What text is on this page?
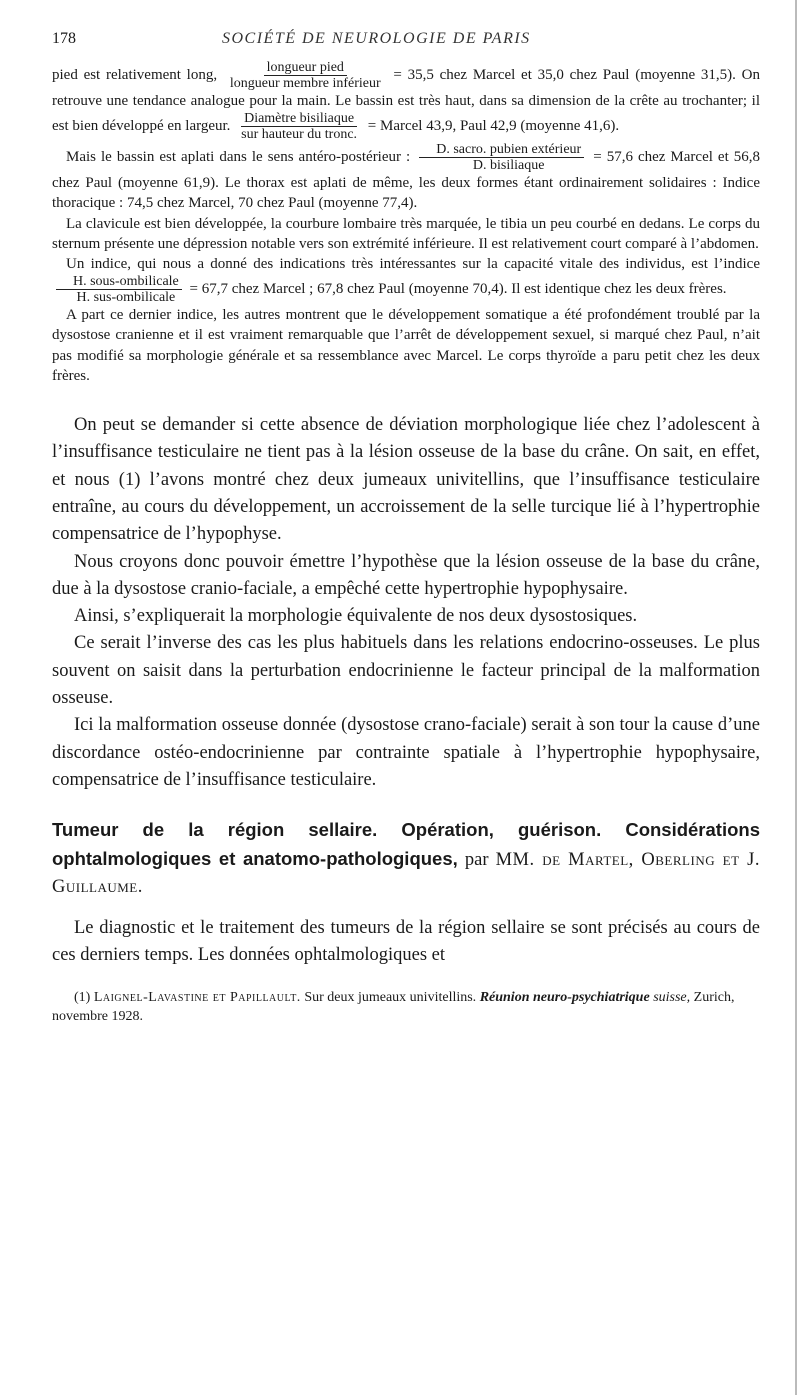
178	SOCIÉTÉ DE NEUROLOGIE DE PARIS

pied est relativement long, $\frac{\text{longueur pied}}{\text{longueur membre inférieur}} = 35,5$ chez Marcel et 35,0 chez Paul (moyenne 31,5). On retrouve une tendance analogue pour la main. Le bassin est très haut, dans sa dimension de la crête au trochanter; il est bien développé en largeur. $\frac{\text{Diamètre bisiliaque}}{\text{sur hauteur du tronc.}}$ = Marcel 43,9, Paul 42,9 (moyenne 41,6).

Mais le bassin est aplati dans le sens antéro-postérieur : $\frac{\text{D. sacro. pubien extérieur}}{\text{D. bisiliaque}} = 57,6$ chez Marcel et 56,8 chez Paul (moyenne 61,9). Le thorax est aplati de même, les deux formes étant ordinairement solidaires : Indice thoracique : 74,5 chez Marcel, 70 chez Paul (moyenne 77,4).

La clavicule est bien développée, la courbure lombaire très marquée, le tibia un peu courbé en dedans. Le corps du sternum présente une dépression notable vers son extrémité inférieure. Il est relativement court comparé à l’abdomen.

Un indice, qui nous a donné des indications très intéressantes sur la capacité vitale des individus, est l’indice
$\frac{\text{H. sous-ombilicale}}{\text{H. sus-ombilicale}} = 67,7$ chez Marcel ; 67,8 chez Paul (moyenne 70,4). Il est identique chez les deux frères.

A part ce dernier indice, les autres montrent que le développement somatique a été profondément troublé par la dysostose cranienne et il est vraiment remarquable que l’arrêt de développement sexuel, si marqué chez Paul, n’ait pas modifié sa morphologie générale et sa ressemblance avec Marcel. Le corps thyroïde a paru petit chez les deux frères.

On peut se demander si cette absence de déviation morphologique liée chez l’adolescent à l’insuffisance testiculaire ne tient pas à la lésion osseuse de la base du crâne. On sait, en effet, et nous (1) l’avons montré chez deux jumeaux univitellins, que l’insuffisance testiculaire entraîne, au cours du développement, un accroissement de la selle turcique lié à l’hypertrophie compensatrice de l’hypophyse.

Nous croyons donc pouvoir émettre l’hypothèse que la lésion osseuse de la base du crâne, due à la dysostose cranio-faciale, a empêché cette hypertrophie hypophysaire.

Ainsi, s’expliquerait la morphologie équivalente de nos deux dysostosiques.

Ce serait l’inverse des cas les plus habituels dans les relations endocrino-osseuses. Le plus souvent on saisit dans la perturbation endocrinienne le facteur principal de la malformation osseuse.

Ici la malformation osseuse donnée (dysostose crano-faciale) serait à son tour la cause d’une discordance ostéo-endocrinienne par contrainte spatiale à l’hypertrophie hypophysaire, compensatrice de l’insuffisance testiculaire.

Tumeur de la région sellaire. Opération, guérison. Considérations ophtalmologiques et anatomo-pathologiques, par MM. de Martel, Oberling et J. Guillaume.

Le diagnostic et le traitement des tumeurs de la région sellaire se sont précisés au cours de ces derniers temps. Les données ophtalmologiques et

(1) Laignel-Lavastine et Papillault. Sur deux jumeaux univitellins. Réunion neuro-psychiatrique suisse, Zurich, novembre 1928.
